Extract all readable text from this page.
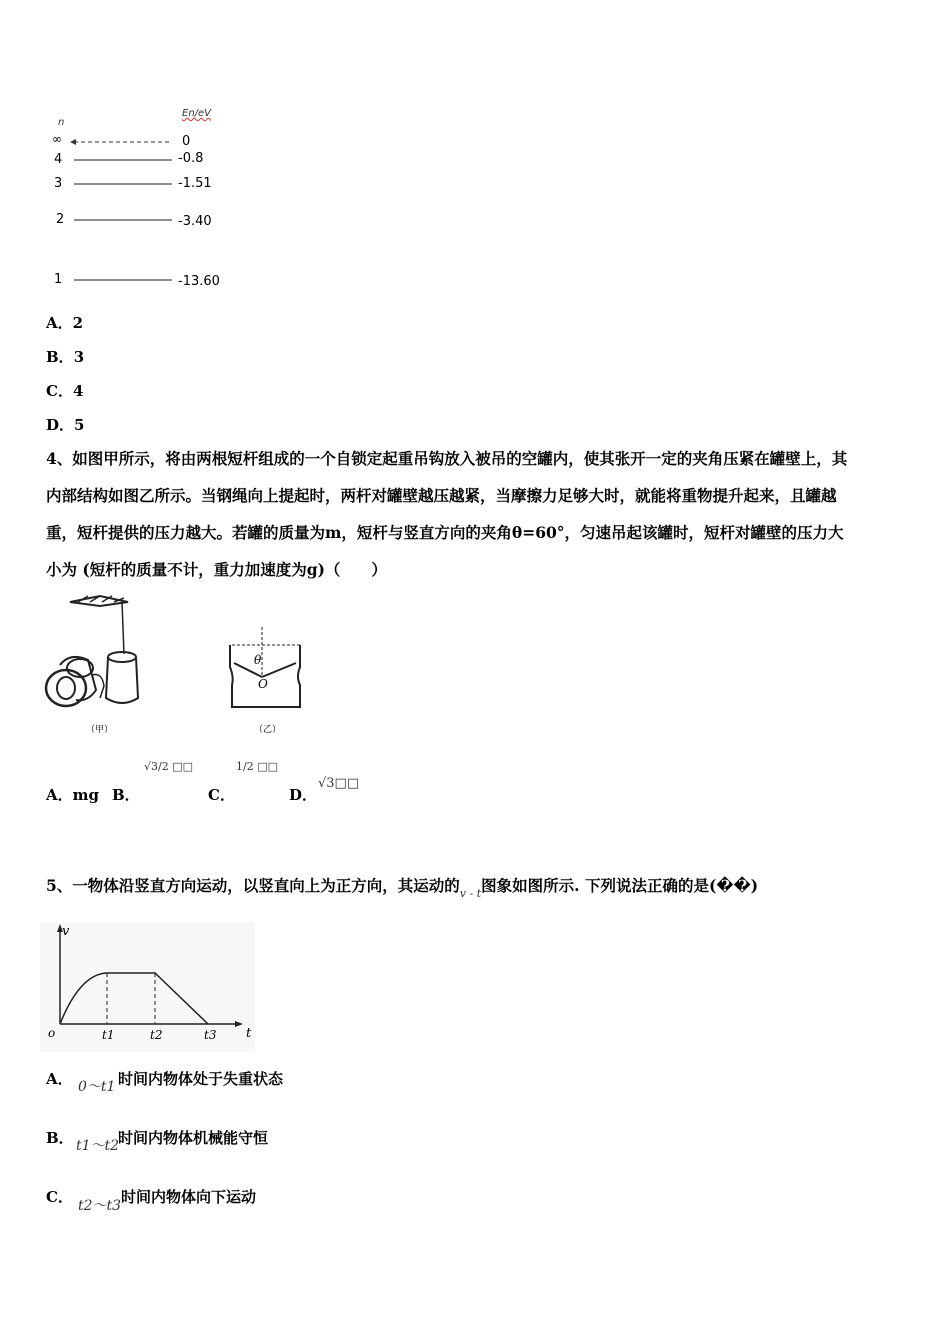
n
En/eV
∞	0
4	-0.8
3	-1.51
2	-3.40
1	-13.60
A．2
B．3
C．4
D．5
4、如图甲所示，将由两根短杆组成的一个自锁定起重吊钩放入被吊的空罐内，使其张开一定的夹角压紧在罐壁上，其
内部结构如图乙所示。当钢绳向上提起时，两杆对罐壁越压越紧，当摩擦力足够大时，就能将重物提升起来，且罐越
重，短杆提供的压力越大。若罐的质量为m，短杆与竖直方向的夹角θ=60°，匀速吊起该罐时，短杆对罐壁的压力大
小为 (短杆的质量不计，重力加速度为g)（　　）
（甲）
θ
O
（乙）
A．mg B．
√3/2 □□
C．
1/2 □□
D．
√3□□
5、一物体沿竖直方向运动，以竖直向上为正方向，其运动的$_{v - t}$图象如图所示. 下列说法正确的是(��)
v
t
o	t1	t2	t3
A． 0～t1 时间内物体处于失重状态
B． t1～t2
时间内物体机械能守恒
C． t2～t3 时间内物体向下运动
